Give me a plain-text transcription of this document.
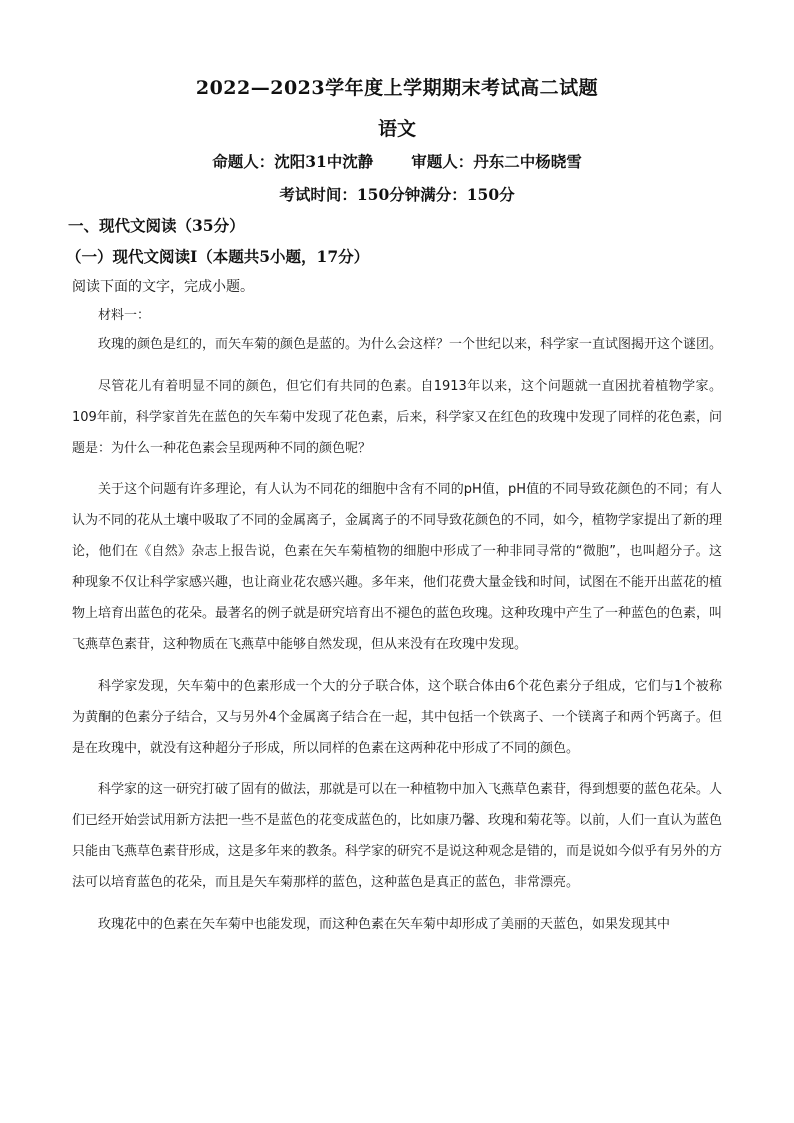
2022—2023学年度上学期期末考试高二试题
语文
命题人：沈阳31中沈静 审题人：丹东二中杨晓雪
考试时间：150分钟满分：150分
一、现代文阅读（35分）
（一）现代文阅读Ⅰ（本题共5小题，17分）
阅读下面的文字，完成小题。

材料一：

玫瑰的颜色是红的，而矢车菊的颜色是蓝的。为什么会这样？一个世纪以来，科学家一直试图揭开这个谜团。

尽管花儿有着明显不同的颜色，但它们有共同的色素。自1913年以来，这个问题就一直困扰着植物学家。109年前，科学家首先在蓝色的矢车菊中发现了花色素，后来，科学家又在红色的玫瑰中发现了同样的花色素，问题是：为什么一种花色素会呈现两种不同的颜色呢？

关于这个问题有许多理论，有人认为不同花的细胞中含有不同的pH值，pH值的不同导致花颜色的不同；有人认为不同的花从土壤中吸取了不同的金属离子，金属离子的不同导致花颜色的不同，如今，植物学家提出了新的理论，他们在《自然》杂志上报告说，色素在矢车菊植物的细胞中形成了一种非同寻常的“微胞”，也叫超分子。这种现象不仅让科学家感兴趣，也让商业花农感兴趣。多年来，他们花费大量金钱和时间，试图在不能开出蓝花的植物上培育出蓝色的花朵。最著名的例子就是研究培育出不褪色的蓝色玫瑰。这种玫瑰中产生了一种蓝色的色素，叫飞燕草色素苷，这种物质在飞燕草中能够自然发现，但从来没有在玫瑰中发现。

科学家发现，矢车菊中的色素形成一个大的分子联合体，这个联合体由6个花色素分子组成，它们与1个被称为黄酮的色素分子结合，又与另外4个金属离子结合在一起，其中包括一个铁离子、一个镁离子和两个钙离子。但是在玫瑰中，就没有这种超分子形成，所以同样的色素在这两种花中形成了不同的颜色。

科学家的这一研究打破了固有的做法，那就是可以在一种植物中加入飞燕草色素苷，得到想要的蓝色花朵。人们已经开始尝试用新方法把一些不是蓝色的花变成蓝色的，比如康乃馨、玫瑰和菊花等。以前，人们一直认为蓝色只能由飞燕草色素苷形成，这是多年来的教条。科学家的研究不是说这种观念是错的，而是说如今似乎有另外的方法可以培育蓝色的花朵，而且是矢车菊那样的蓝色，这种蓝色是真正的蓝色，非常漂亮。

玫瑰花中的色素在矢车菊中也能发现，而这种色素在矢车菊中却形成了美丽的天蓝色，如果发现其中
